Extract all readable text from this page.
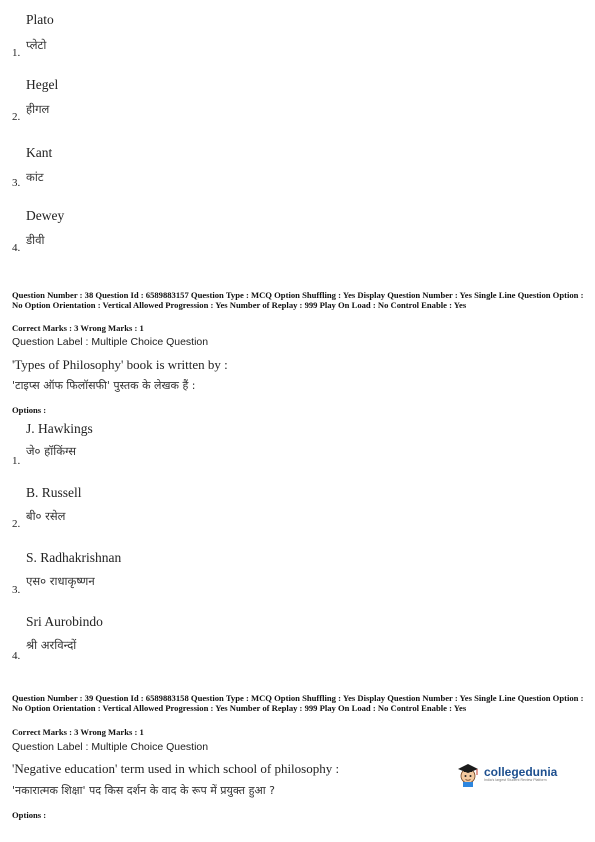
Plato
1.
प्लेटो
Hegel
2.
हीगल
Kant
3. कांट
Dewey
4.
डीवी
Question Number : 38 Question Id : 6589883157 Question Type : MCQ Option Shuffling : Yes Display Question Number : Yes Single Line Question Option : No Option Orientation : Vertical Allowed Progression : Yes Number of Replay : 999 Play On Load : No Control Enable : Yes
Correct Marks : 3 Wrong Marks : 1
Question Label : Multiple Choice Question
'Types of Philosophy' book is written by :
'टाइप्स ऑफ फिलॉसफी' पुस्तक के लेखक हैं :
Options :
J. Hawkings
1.
जे० हॉकिंग्स
B. Russell
2.
बी० रसेल
S. Radhakrishnan
3.
एस० राधाकृष्णन
Sri Aurobindo
4.
श्री अरविन्दों
Question Number : 39 Question Id : 6589883158 Question Type : MCQ Option Shuffling : Yes Display Question Number : Yes Single Line Question Option : No Option Orientation : Vertical Allowed Progression : Yes Number of Replay : 999 Play On Load : No Control Enable : Yes
Correct Marks : 3 Wrong Marks : 1
Question Label : Multiple Choice Question
'Negative education' term used in which school of philosophy :
'नकारात्मक शिक्षा' पद किस दर्शन के वाद के रूप में प्रयुक्त हुआ ?
Options :
collegedunia
India's largest Student Review Platform
